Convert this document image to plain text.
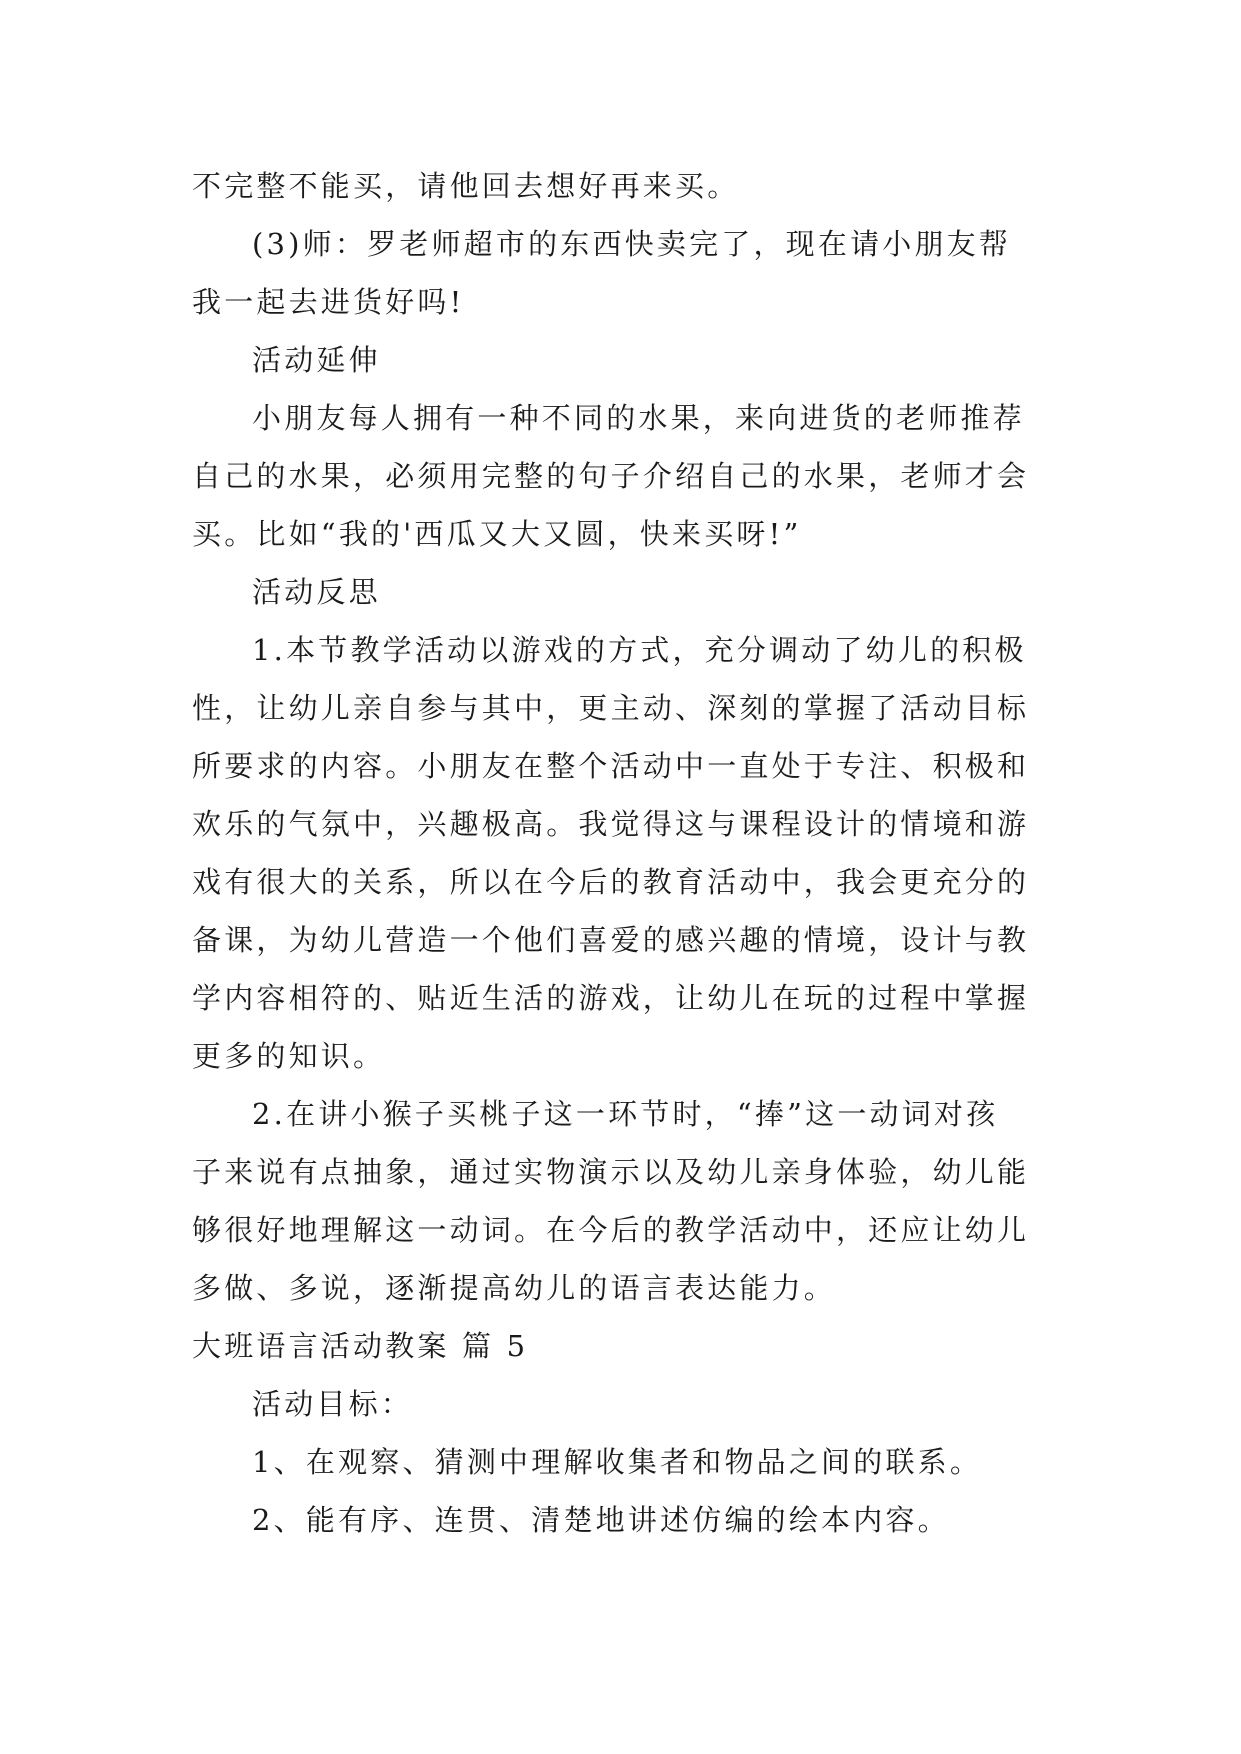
不完整不能买，请他回去想好再来买。
(3)师：罗老师超市的东西快卖完了，现在请小朋友帮
我一起去进货好吗!
活动延伸
小朋友每人拥有一种不同的水果，来向进货的老师推荐
自己的水果，必须用完整的句子介绍自己的水果，老师才会
买。比如“我的'西瓜又大又圆，快来买呀!”
活动反思
1.本节教学活动以游戏的方式，充分调动了幼儿的积极
性，让幼儿亲自参与其中，更主动、深刻的掌握了活动目标
所要求的内容。小朋友在整个活动中一直处于专注、积极和
欢乐的气氛中，兴趣极高。我觉得这与课程设计的情境和游
戏有很大的关系，所以在今后的教育活动中，我会更充分的
备课，为幼儿营造一个他们喜爱的感兴趣的情境，设计与教
学内容相符的、贴近生活的游戏，让幼儿在玩的过程中掌握
更多的知识。
2.在讲小猴子买桃子这一环节时，“捧”这一动词对孩
子来说有点抽象，通过实物演示以及幼儿亲身体验，幼儿能
够很好地理解这一动词。在今后的教学活动中，还应让幼儿
多做、多说，逐渐提高幼儿的语言表达能力。
大班语言活动教案 篇 5
活动目标：
1、在观察、猜测中理解收集者和物品之间的联系。
2、能有序、连贯、清楚地讲述仿编的绘本内容。
